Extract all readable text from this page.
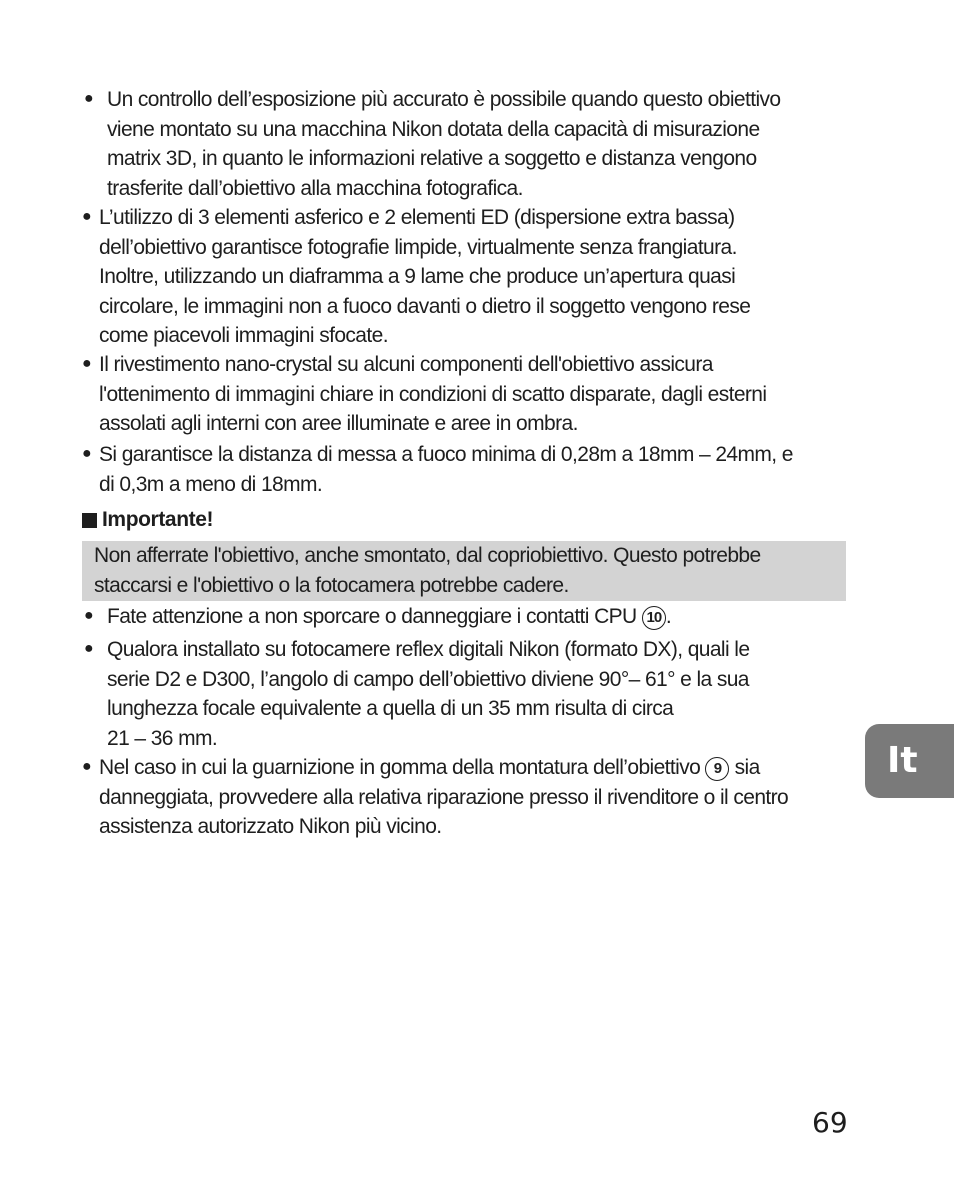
●
Un controllo dell’esposizione più accurato è possibile quando questo obiettivo
viene montato su una macchina Nikon dotata della capacità di misurazione
matrix 3D, in quanto le informazioni relative a soggetto e distanza vengono
trasferite dall’obiettivo alla macchina fotografica.
●
L’utilizzo di 3 elementi asferico e 2 elementi ED (dispersione extra bassa)
dell’obiettivo garantisce fotografie limpide, virtualmente senza frangiatura.
Inoltre, utilizzando un diaframma a 9 lame che produce un’apertura quasi
circolare, le immagini non a fuoco davanti o dietro il soggetto vengono rese
come piacevoli immagini sfocate.
●
Il rivestimento nano-crystal su alcuni componenti dell'obiettivo assicura
l'ottenimento di immagini chiare in condizioni di scatto disparate, dagli esterni
assolati agli interni con aree illuminate e aree in ombra.
●
Si garantisce la distanza di messa a fuoco minima di 0,28m a 18mm – 24mm, e
di 0,3m a meno di 18mm.
Importante!
Non afferrate l'obiettivo, anche smontato, dal copriobiettivo. Questo potrebbe
staccarsi e l'obiettivo o la fotocamera potrebbe cadere.
●
Fate attenzione a non sporcare o danneggiare i contatti CPU 10 .
●
Qualora installato su fotocamere reflex digitali Nikon (formato DX), quali le
serie D2 e D300, l’angolo di campo dell’obiettivo diviene 90°– 61° e la sua
lunghezza focale equivalente a quella di un 35 mm risulta di circa
21 – 36 mm.
●
Nel caso in cui la guarnizione in gomma della montatura dell’obiettivo 9 sia
danneggiata, provvedere alla relativa riparazione presso il rivenditore o il centro
assistenza autorizzato Nikon più vicino.
It
69
